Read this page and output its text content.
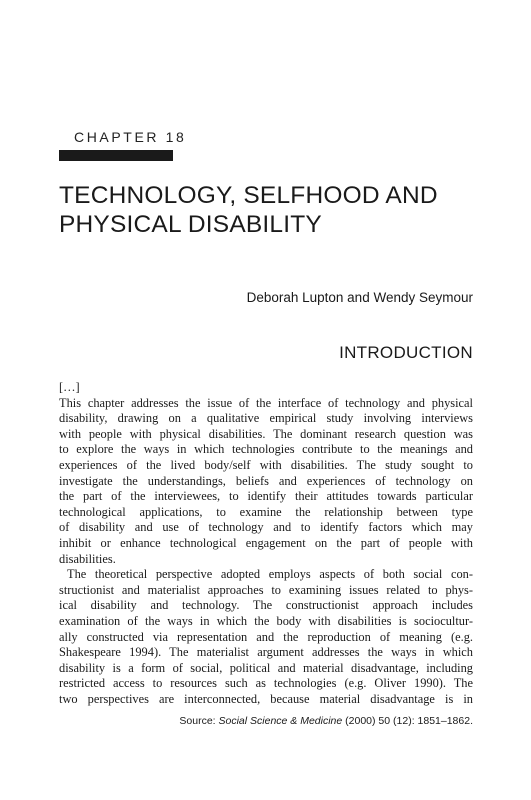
CHAPTER 18
TECHNOLOGY, SELFHOOD AND
PHYSICAL DISABILITY
Deborah Lupton and Wendy Seymour
INTRODUCTION
[…]
This chapter addresses the issue of the interface of technology and physical
disability, drawing on a qualitative empirical study involving interviews
with people with physical disabilities. The dominant research question was
to explore the ways in which technologies contribute to the meanings and
experiences of the lived body/self with disabilities. The study sought to
investigate the understandings, beliefs and experiences of technology on
the part of the interviewees, to identify their attitudes towards particular
technological applications, to examine the relationship between type
of disability and use of technology and to identify factors which may
inhibit or enhance technological engagement on the part of people with
disabilities.
The theoretical perspective adopted employs aspects of both social con-
structionist and materialist approaches to examining issues related to phys-
ical disability and technology. The constructionist approach includes
examination of the ways in which the body with disabilities is sociocultur-
ally constructed via representation and the reproduction of meaning (e.g.
Shakespeare 1994). The materialist argument addresses the ways in which
disability is a form of social, political and material disadvantage, including
restricted access to resources such as technologies (e.g. Oliver 1990). The
two perspectives are interconnected, because material disadvantage is in
Source: Social Science & Medicine (2000) 50 (12): 1851–1862.
